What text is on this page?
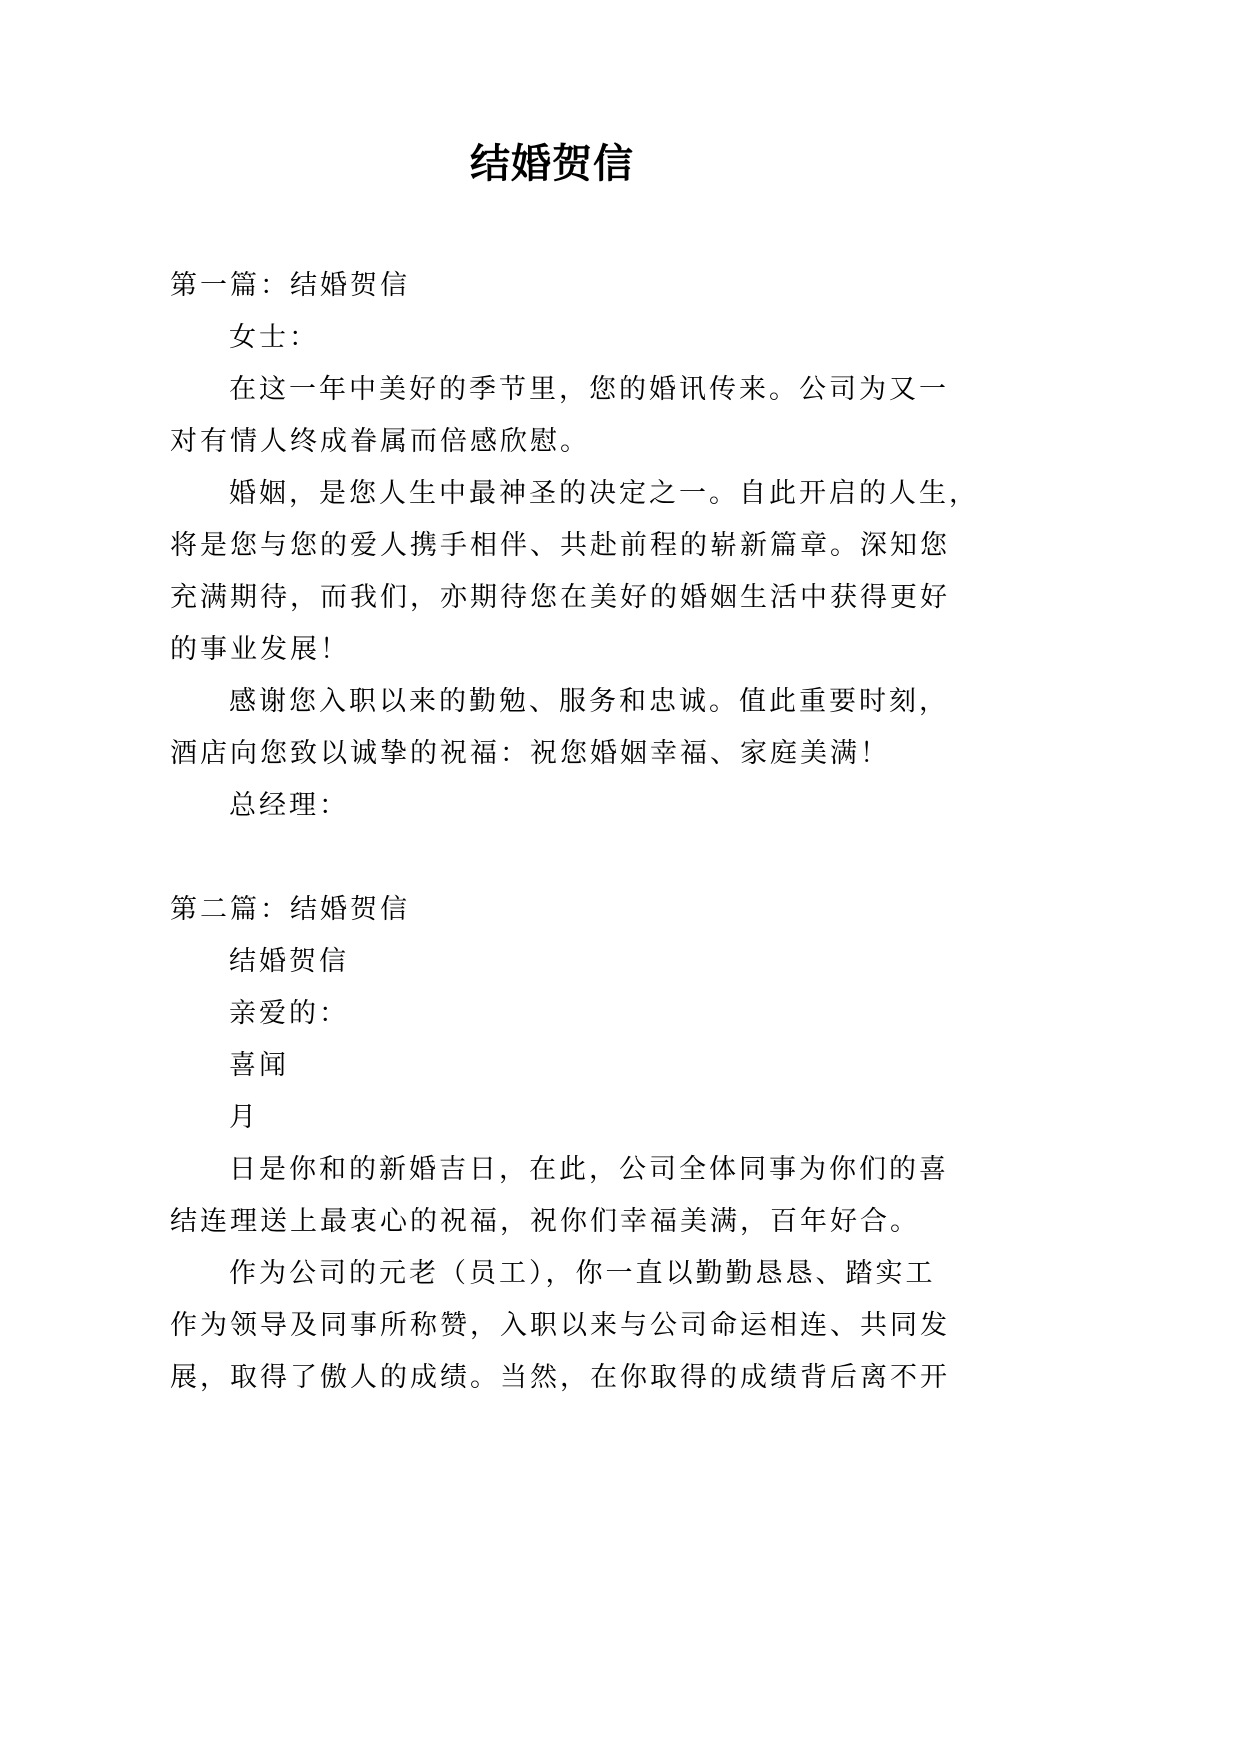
结婚贺信
第一篇：结婚贺信
女士：
在这一年中美好的季节里，您的婚讯传来。公司为又一
对有情人终成眷属而倍感欣慰。
婚姻，是您人生中最神圣的决定之一。自此开启的人生，
将是您与您的爱人携手相伴、共赴前程的崭新篇章。深知您
充满期待，而我们，亦期待您在美好的婚姻生活中获得更好
的事业发展！
感谢您入职以来的勤勉、服务和忠诚。值此重要时刻，
酒店向您致以诚挚的祝福：祝您婚姻幸福、家庭美满！
总经理：
第二篇：结婚贺信
结婚贺信
亲爱的：
喜闻
月
日是你和的新婚吉日，在此，公司全体同事为你们的喜
结连理送上最衷心的祝福，祝你们幸福美满，百年好合。
作为公司的元老（员工），你一直以勤勤恳恳、踏实工
作为领导及同事所称赞，入职以来与公司命运相连、共同发
展，取得了傲人的成绩。当然，在你取得的成绩背后离不开
